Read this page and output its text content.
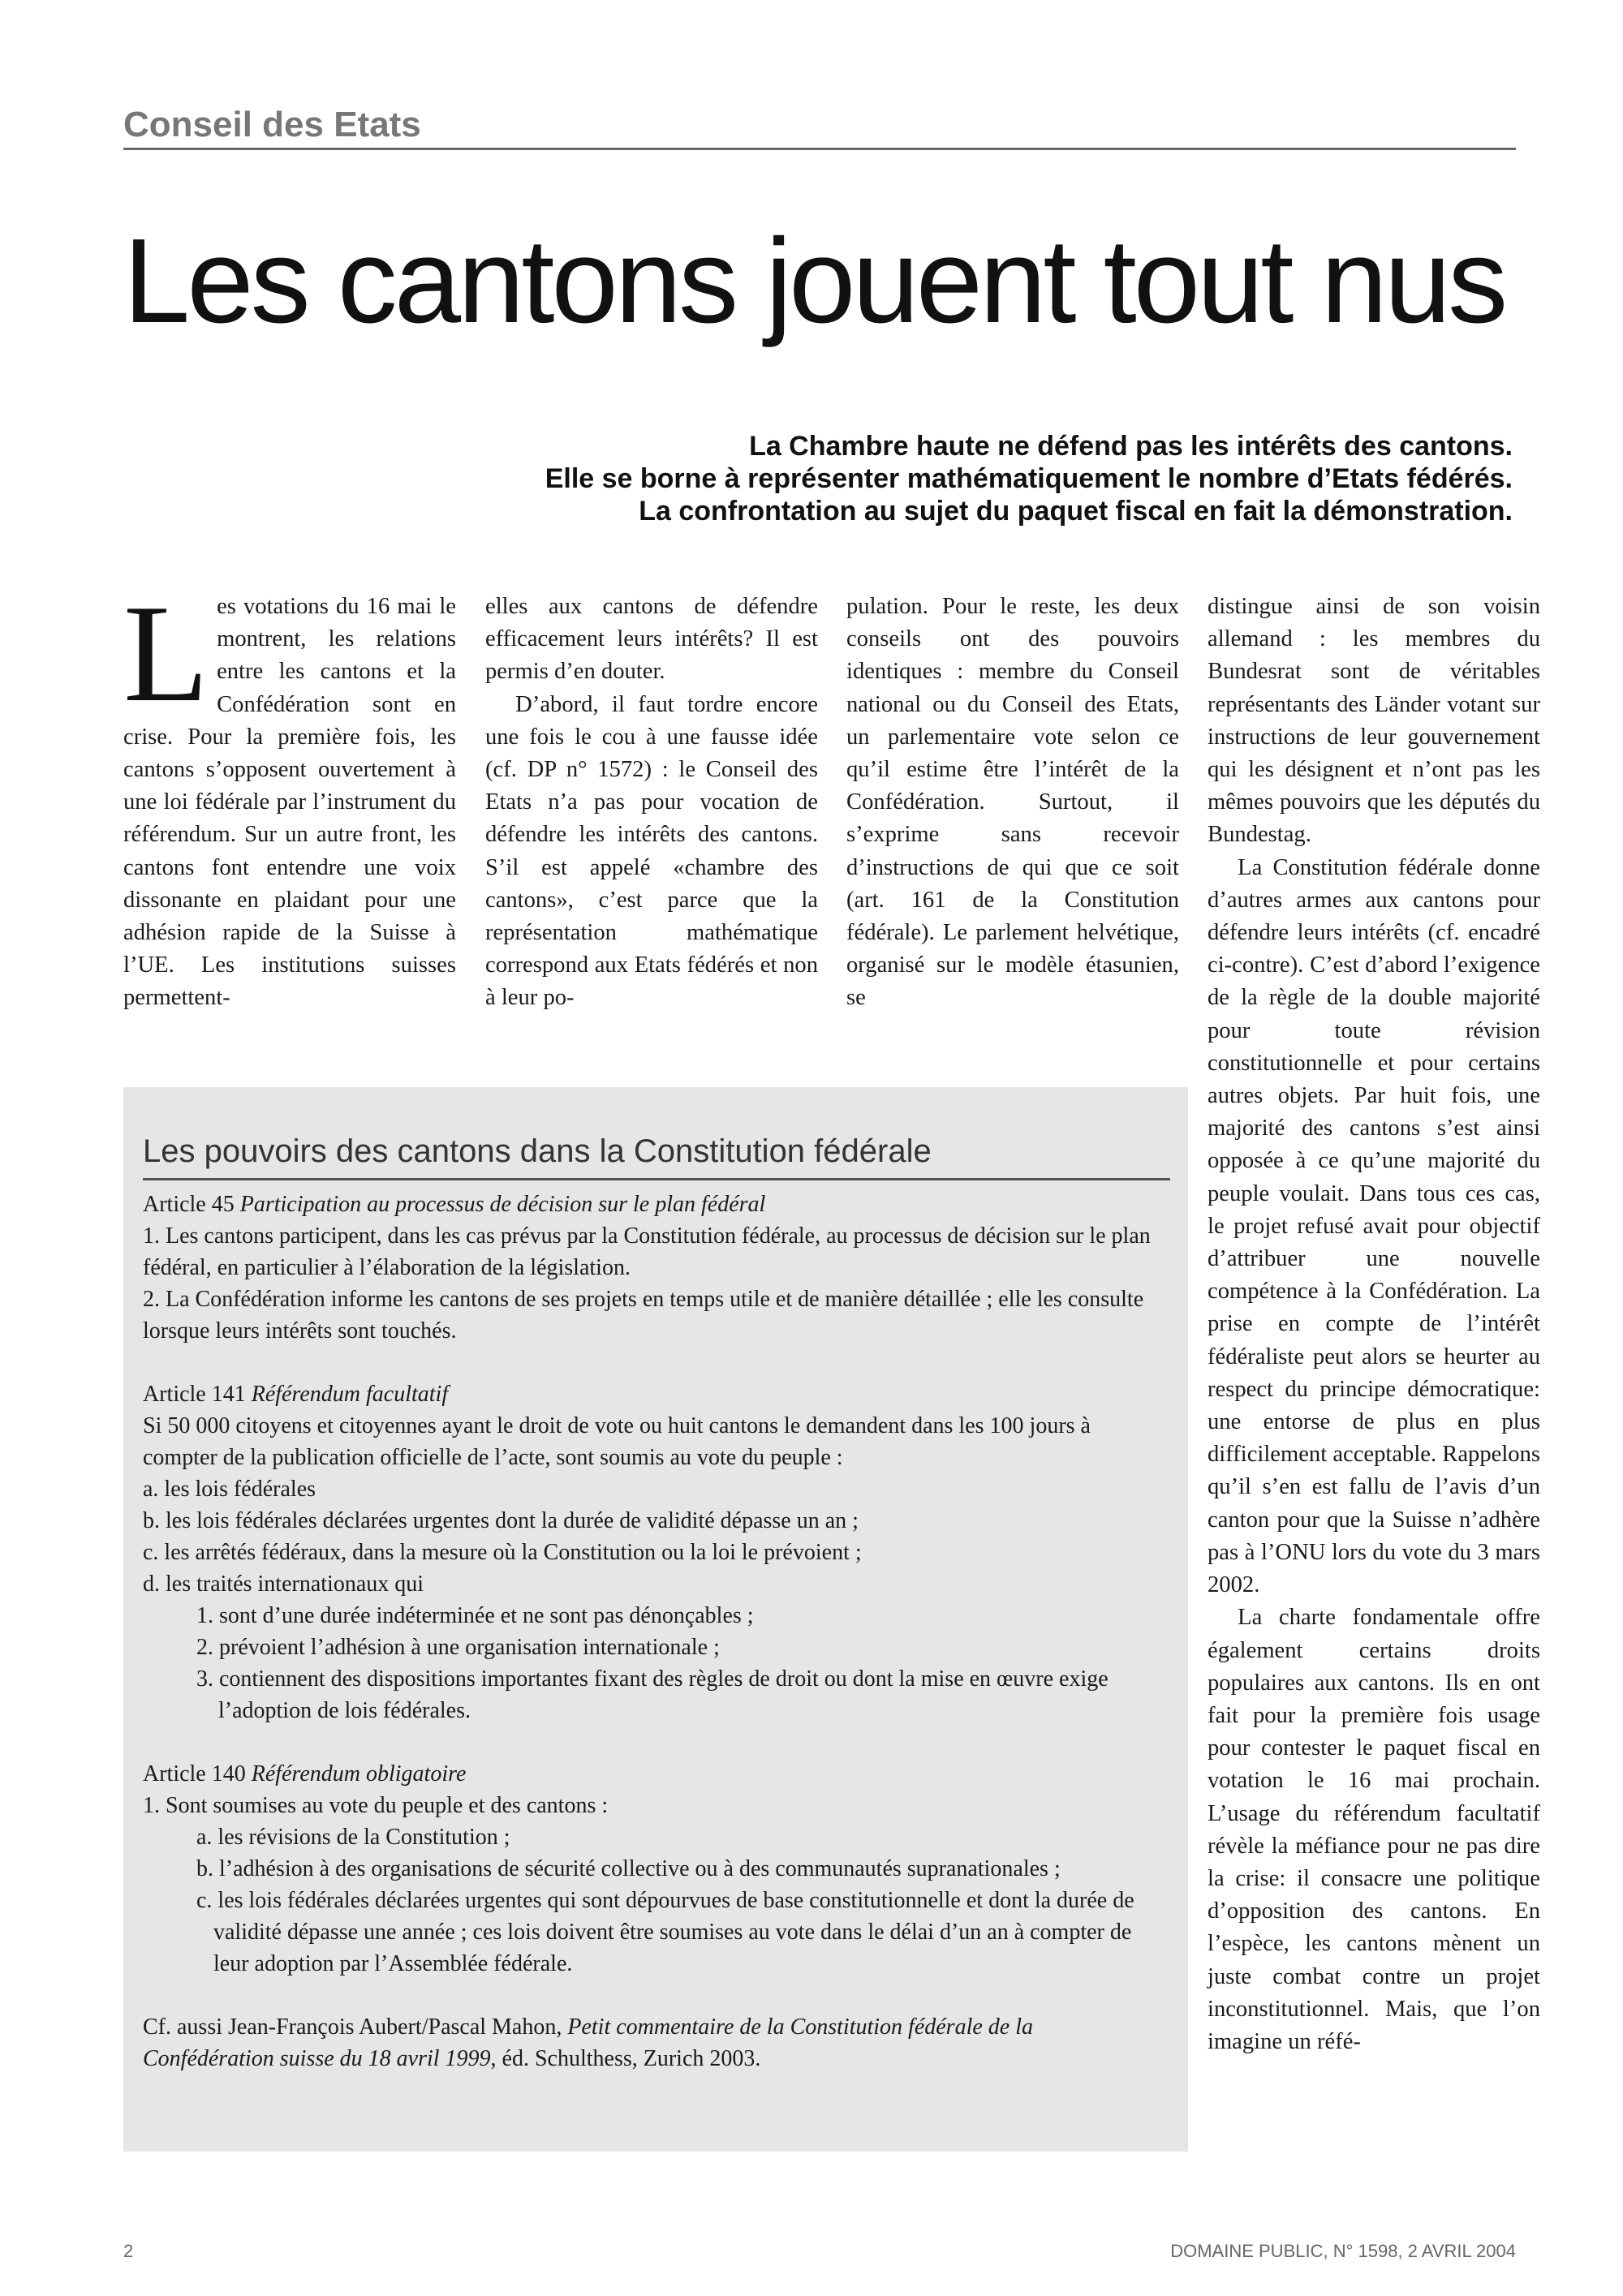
Conseil des Etats
Les cantons jouent tout nus
La Chambre haute ne défend pas les intérêts des cantons.
Elle se borne à représenter mathématiquement le nombre d’Etats fédérés.
La confrontation au sujet du paquet fiscal en fait la démonstration.

Les votations du 16 mai le montrent, les relations entre les cantons et la Confédération sont en crise. Pour la première fois, les cantons s’opposent ouvertement à une loi fédérale par l’instrument du référendum. Sur un autre front, les cantons font entendre une voix dissonante en plaidant pour une adhésion rapide de la Suisse à l’UE. Les institutions suisses permettent-

elles aux cantons de défendre efficacement leurs intérêts? Il est permis d’en douter.

D’abord, il faut tordre encore une fois le cou à une fausse idée (cf. DP n° 1572) : le Conseil des Etats n’a pas pour vocation de défendre les intérêts des cantons. S’il est appelé «chambre des cantons», c’est parce que la représentation mathématique correspond aux Etats fédérés et non à leur po-

pulation. Pour le reste, les deux conseils ont des pouvoirs identiques : membre du Conseil national ou du Conseil des Etats, un parlementaire vote selon ce qu’il estime être l’intérêt de la Confédération. Surtout, il s’exprime sans recevoir d’instructions de qui que ce soit (art. 161 de la Constitution fédérale). Le parlement helvétique, organisé sur le modèle étasunien, se

distingue ainsi de son voisin allemand : les membres du Bundesrat sont de véritables représentants des Länder votant sur instructions de leur gouvernement qui les désignent et n’ont pas les mêmes pouvoirs que les députés du Bundestag.

La Constitution fédérale donne d’autres armes aux cantons pour défendre leurs intérêts (cf. encadré ci-contre). C’est d’abord l’exigence de la règle de la double majorité pour toute révision constitutionnelle et pour certains autres objets. Par huit fois, une majorité des cantons s’est ainsi opposée à ce qu’une majorité du peuple voulait. Dans tous ces cas, le projet refusé avait pour objectif d’attribuer une nouvelle compétence à la Confédération. La prise en compte de l’intérêt fédéraliste peut alors se heurter au respect du principe démocratique: une entorse de plus en plus difficilement acceptable. Rappelons qu’il s’en est fallu de l’avis d’un canton pour que la Suisse n’adhère pas à l’ONU lors du vote du 3 mars 2002.

La charte fondamentale offre également certains droits populaires aux cantons. Ils en ont fait pour la première fois usage pour contester le paquet fiscal en votation le 16 mai prochain. L’usage du référendum facultatif révèle la méfiance pour ne pas dire la crise: il consacre une politique d’opposition des cantons. En l’espèce, les cantons mènent un juste combat contre un projet inconstitutionnel. Mais, que l’on imagine un réfé-

Les pouvoirs des cantons dans la Constitution fédérale

Article 45 Participation au processus de décision sur le plan fédéral

1. Les cantons participent, dans les cas prévus par la Constitution fédérale, au processus de décision sur le plan fédéral, en particulier à l’élaboration de la législation.

2. La Confédération informe les cantons de ses projets en temps utile et de manière détaillée ; elle les consulte lorsque leurs intérêts sont touchés.

Article 141 Référendum facultatif

Si 50 000 citoyens et citoyennes ayant le droit de vote ou huit cantons le demandent dans les 100 jours à compter de la publication officielle de l’acte, sont soumis au vote du peuple :

a. les lois fédérales

b. les lois fédérales déclarées urgentes dont la durée de validité dépasse un an ;

c. les arrêtés fédéraux, dans la mesure où la Constitution ou la loi le prévoient ;

d. les traités internationaux qui

1. sont d’une durée indéterminée et ne sont pas dénonçables ;

2. prévoient l’adhésion à une organisation internationale ;

3. contiennent des dispositions importantes fixant des règles de droit ou dont la mise en œuvre exige l’adoption de lois fédérales.

Article 140 Référendum obligatoire

1. Sont soumises au vote du peuple et des cantons :

a. les révisions de la Constitution ;

b. l’adhésion à des organisations de sécurité collective ou à des communautés supranationales ;

c. les lois fédérales déclarées urgentes qui sont dépourvues de base constitutionnelle et dont la durée de validité dépasse une année ; ces lois doivent être soumises au vote dans le délai d’un an à compter de leur adoption par l’Assemblée fédérale.

Cf. aussi Jean-François Aubert/Pascal Mahon, Petit commentaire de la Constitution fédérale de la Confédération suisse du 18 avril 1999, éd. Schulthess, Zurich 2003.

2	DOMAINE PUBLIC, N° 1598, 2 AVRIL 2004
